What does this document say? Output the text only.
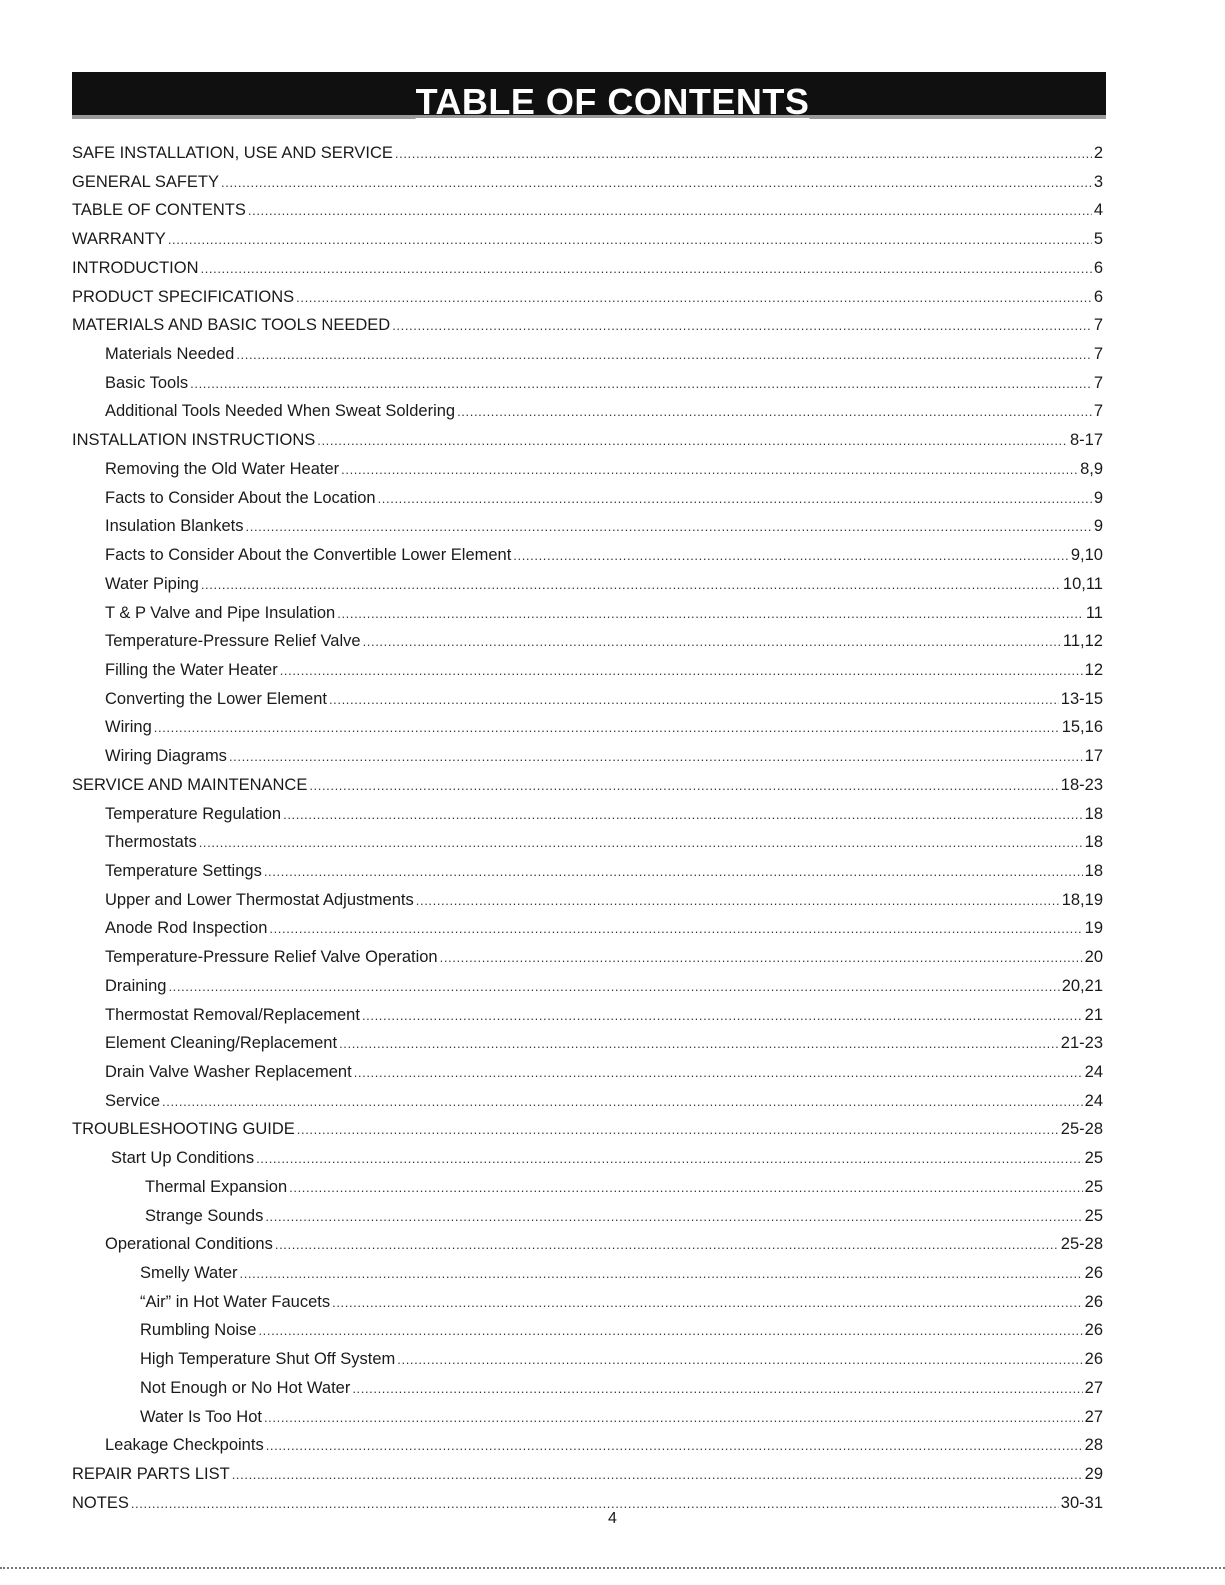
TABLE OF CONTENTS
SAFE INSTALLATION, USE AND SERVICE .....	2
GENERAL SAFETY .....	3
TABLE OF CONTENTS .....	4
WARRANTY .....	5
INTRODUCTION .....	6
PRODUCT SPECIFICATIONS .....	6
MATERIALS AND BASIC TOOLS NEEDED .....	7
Materials Needed .....	7
Basic Tools .....	7
Additional Tools Needed When Sweat Soldering .....	7
INSTALLATION INSTRUCTIONS .....	8-17
Removing the Old Water Heater .....	8,9
Facts to Consider About the Location .....	9
Insulation Blankets .....	9
Facts to Consider About the Convertible Lower Element .....	9,10
Water Piping .....	10,11
T & P Valve and Pipe Insulation .....	11
Temperature-Pressure Relief Valve .....	11,12
Filling the Water Heater .....	12
Converting the Lower Element .....	13-15
Wiring .....	15,16
Wiring Diagrams .....	17
SERVICE AND MAINTENANCE .....	18-23
Temperature Regulation .....	18
Thermostats .....	18
Temperature Settings .....	18
Upper and Lower Thermostat Adjustments .....	18,19
Anode Rod Inspection .....	19
Temperature-Pressure Relief Valve Operation .....	20
Draining .....	20,21
Thermostat Removal/Replacement .....	21
Element Cleaning/Replacement .....	21-23
Drain Valve Washer Replacement .....	24
Service .....	24
TROUBLESHOOTING GUIDE .....	25-28
Start Up Conditions .....	25
Thermal Expansion .....	25
Strange Sounds .....	25
Operational Conditions .....	25-28
Smelly Water .....	26
“Air” in Hot Water Faucets .....	26
Rumbling Noise .....	26
High Temperature Shut Off System .....	26
Not Enough or No Hot Water .....	27
Water Is Too Hot .....	27
Leakage Checkpoints .....	28
REPAIR PARTS LIST .....	29
NOTES .....	30-31
4
